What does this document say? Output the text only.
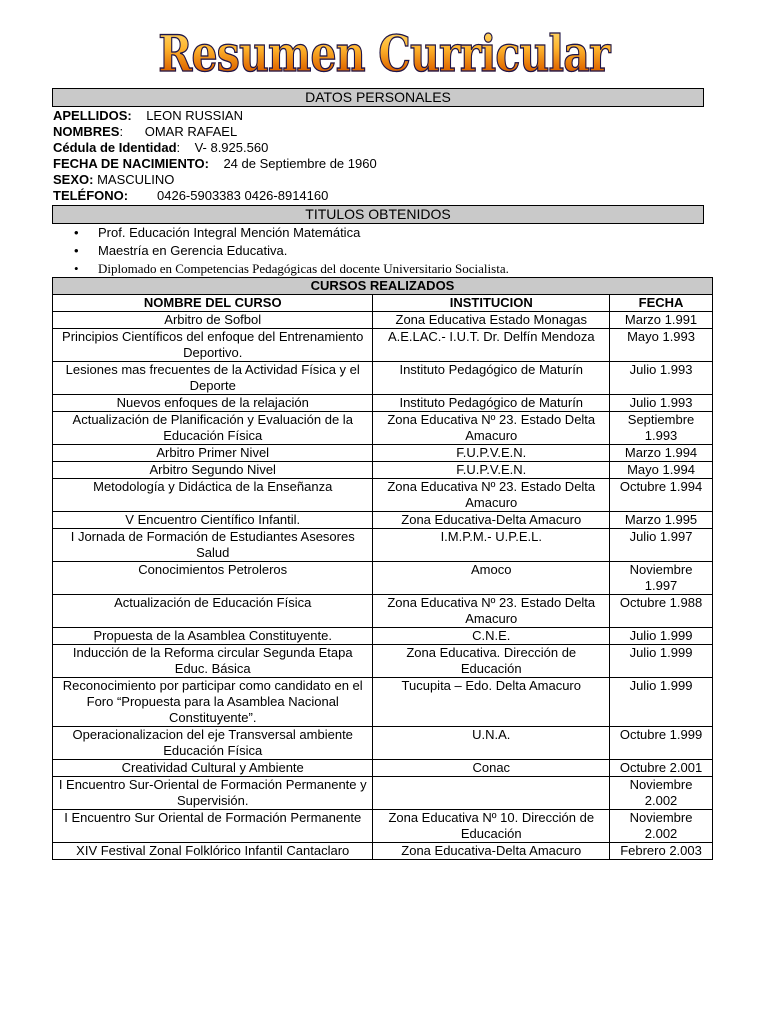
Resumen Curricular
DATOS PERSONALES
APELLIDOS: LEON RUSSIAN
NOMBRES:      OMAR RAFAEL
Cédula de Identidad:    V- 8.925.560
FECHA DE NACIMIENTO: 24 de Septiembre de 1960
SEXO: MASCULINO
TELÉFONO: 0426-5903383 0426-8914160
TITULOS OBTENIDOS
• Prof. Educación Integral Mención Matemática
• Maestría en Gerencia Educativa.
• Diplomado en Competencias Pedagógicas del docente Universitario Socialista.
CURSOS REALIZADOS		
NOMBRE DEL CURSO	INSTITUCION	FECHA
Arbitro de Sofbol	Zona Educativa Estado Monagas	Marzo 1.991
Principios Científicos del enfoque del Entrenamiento Deportivo.	A.E.LAC.- I.U.T. Dr. Delfín Mendoza	Mayo 1.993
Lesiones mas frecuentes de la Actividad Física y el Deporte	Instituto Pedagógico de Maturín	Julio 1.993
Nuevos enfoques de la relajación	Instituto Pedagógico de Maturín	Julio 1.993
Actualización de Planificación y Evaluación de la Educación Física	Zona Educativa Nº 23. Estado Delta Amacuro	Septiembre 1.993
Arbitro Primer Nivel	F.U.P.V.E.N.	Marzo 1.994
Arbitro Segundo Nivel	F.U.P.V.E.N.	Mayo 1.994
Metodología y Didáctica de la Enseñanza	Zona Educativa Nº 23. Estado Delta Amacuro	Octubre 1.994
V Encuentro Científico Infantil.	Zona Educativa-Delta Amacuro	Marzo 1.995
I Jornada de Formación de Estudiantes Asesores Salud	I.M.P.M.- U.P.E.L.	Julio 1.997
Conocimientos Petroleros	Amoco	Noviembre 1.997
Actualización de Educación Física	Zona Educativa Nº 23. Estado Delta Amacuro	Octubre 1.988
Propuesta de la Asamblea Constituyente.	C.N.E.	Julio 1.999
Inducción de la Reforma circular Segunda Etapa Educ. Básica	Zona Educativa. Dirección de Educación	Julio 1.999
Reconocimiento por participar como candidato en el Foro “Propuesta para la Asamblea Nacional Constituyente”.	Tucupita – Edo. Delta Amacuro	Julio 1.999
Operacionalizacion del eje Transversal ambiente Educación Física	U.N.A.	Octubre 1.999
Creatividad Cultural y Ambiente	Conac	Octubre 2.001
I Encuentro Sur-Oriental de Formación Permanente y Supervisión.		Noviembre 2.002
I Encuentro Sur Oriental de Formación Permanente	Zona Educativa Nº 10. Dirección de Educación	Noviembre 2.002
XIV Festival Zonal Folklórico Infantil Cantaclaro	Zona Educativa-Delta Amacuro	Febrero 2.003
